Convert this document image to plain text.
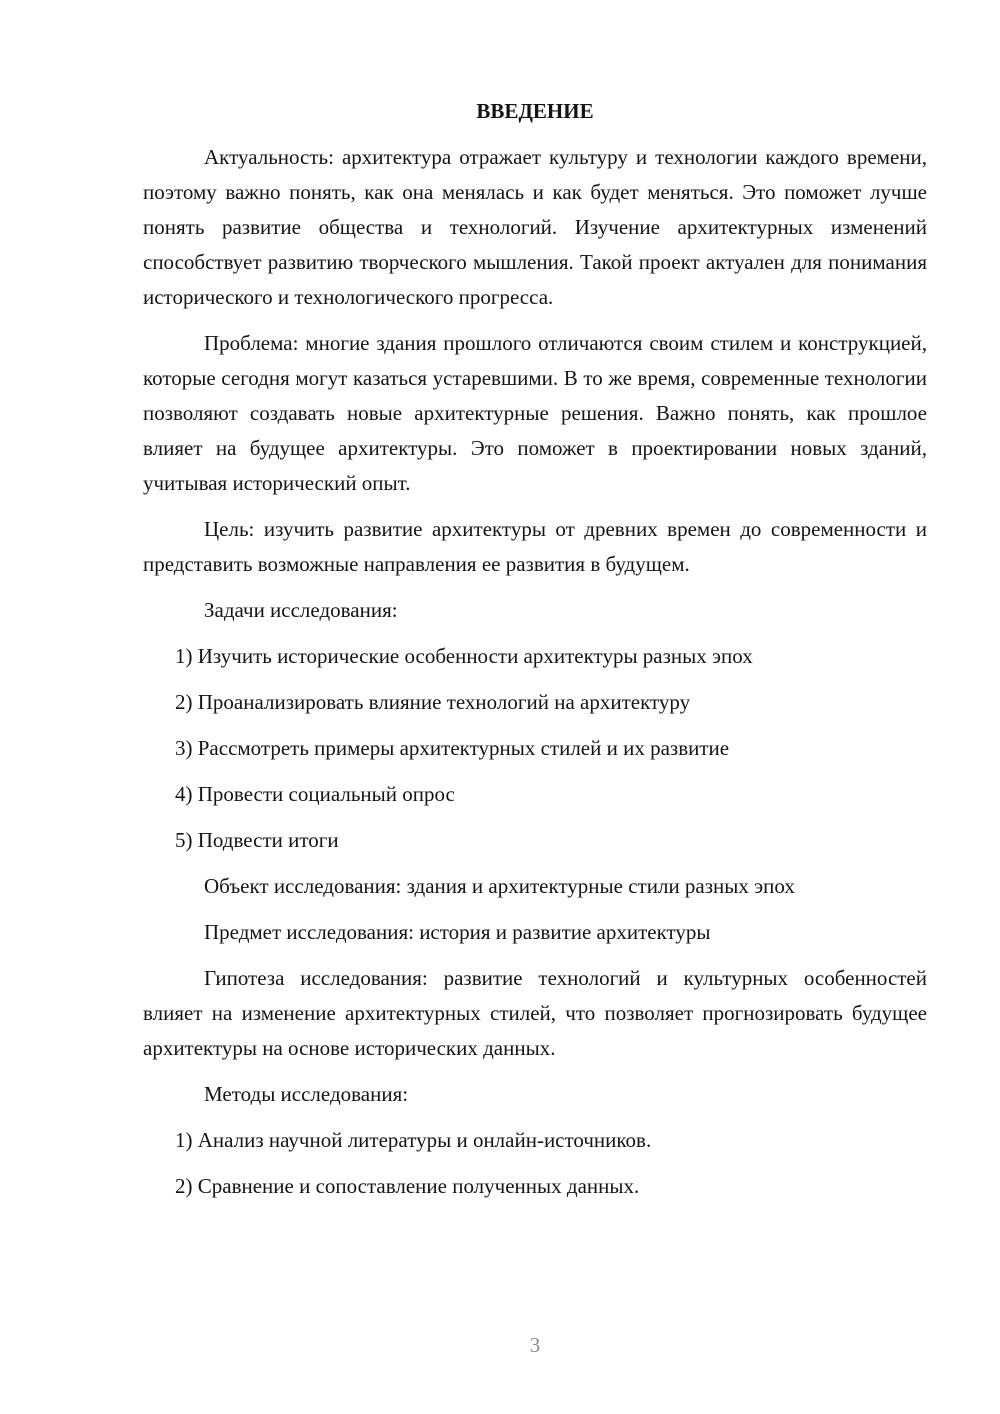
ВВЕДЕНИЕ

Актуальность: архитектура отражает культуру и технологии каждого времени, поэтому важно понять, как она менялась и как будет меняться. Это поможет лучше понять развитие общества и технологий. Изучение архитектурных изменений способствует развитию творческого мышления. Такой проект актуален для понимания исторического и технологического прогресса.

Проблема: многие здания прошлого отличаются своим стилем и конструкцией, которые сегодня могут казаться устаревшими. В то же время, современные технологии позволяют создавать новые архитектурные решения. Важно понять, как прошлое влияет на будущее архитектуры. Это поможет в проектировании новых зданий, учитывая исторический опыт.

Цель: изучить развитие архитектуры от древних времен до современности и представить возможные направления ее развития в будущем.

Задачи исследования:
1) Изучить исторические особенности архитектуры разных эпох
2) Проанализировать влияние технологий на архитектуру
3) Рассмотреть примеры архитектурных стилей и их развитие
4) Провести социальный опрос
5) Подвести итоги
Объект исследования: здания и архитектурные стили разных эпох
Предмет исследования: история и развитие архитектуры

Гипотеза исследования: развитие технологий и культурных особенностей влияет на изменение архитектурных стилей, что позволяет прогнозировать будущее архитектуры на основе исторических данных.

Методы исследования:
1) Анализ научной литературы и онлайн-источников.
2) Сравнение и сопоставление полученных данных.
3
